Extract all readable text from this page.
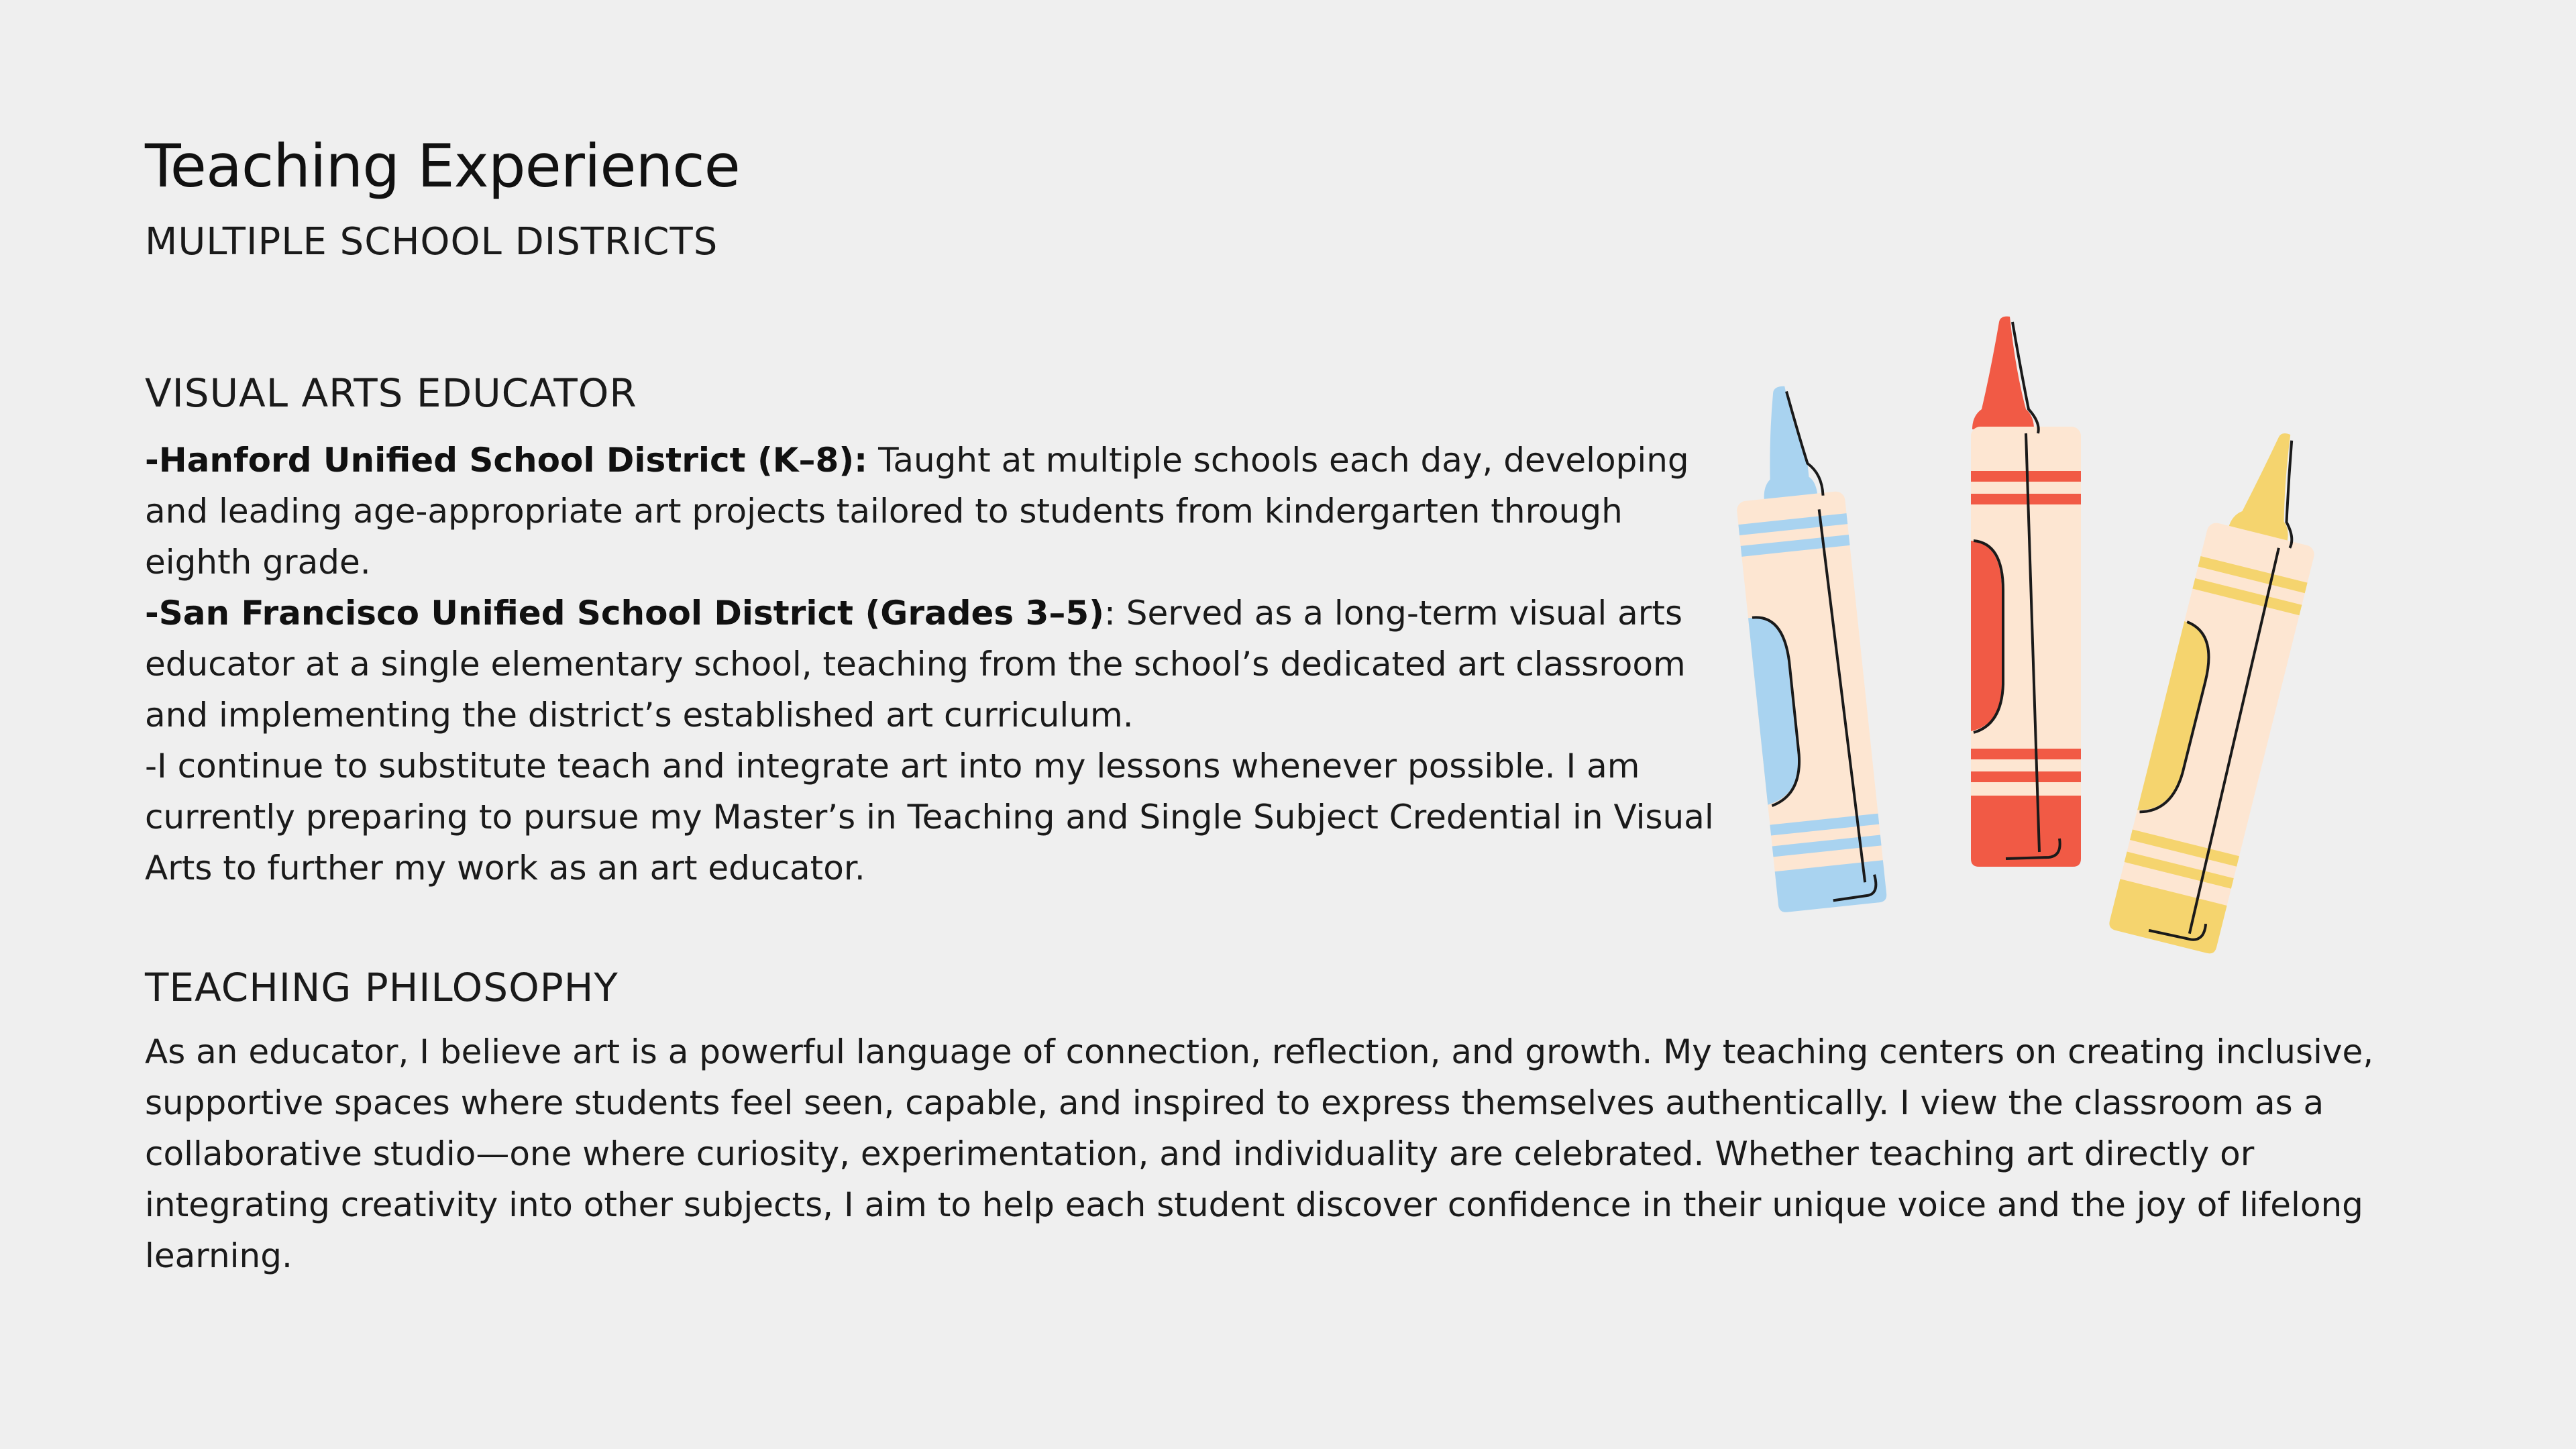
Teaching Experience
MULTIPLE SCHOOL DISTRICTS
VISUAL ARTS EDUCATOR

-Hanford Unified School District (K–8): Taught at multiple schools each day, developing and leading age-appropriate art projects tailored to students from kindergarten through eighth grade.

-San Francisco Unified School District (Grades 3–5): Served as a long-term visual arts educator at a single elementary school, teaching from the school’s dedicated art classroom and implementing the district’s established art curriculum.

-I continue to substitute teach and integrate art into my lessons whenever possible. I am currently preparing to pursue my Master’s in Teaching and Single Subject Credential in Visual Arts to further my work as an art educator.

TEACHING PHILOSOPHY

As an educator, I believe art is a powerful language of connection, reflection, and growth. My teaching centers on creating inclusive, supportive spaces where students feel seen, capable, and inspired to express themselves authentically. I view the classroom as a collaborative studio—one where curiosity, experimentation, and individuality are celebrated. Whether teaching art directly or integrating creativity into other subjects, I aim to help each student discover confidence in their unique voice and the joy of lifelong learning.
